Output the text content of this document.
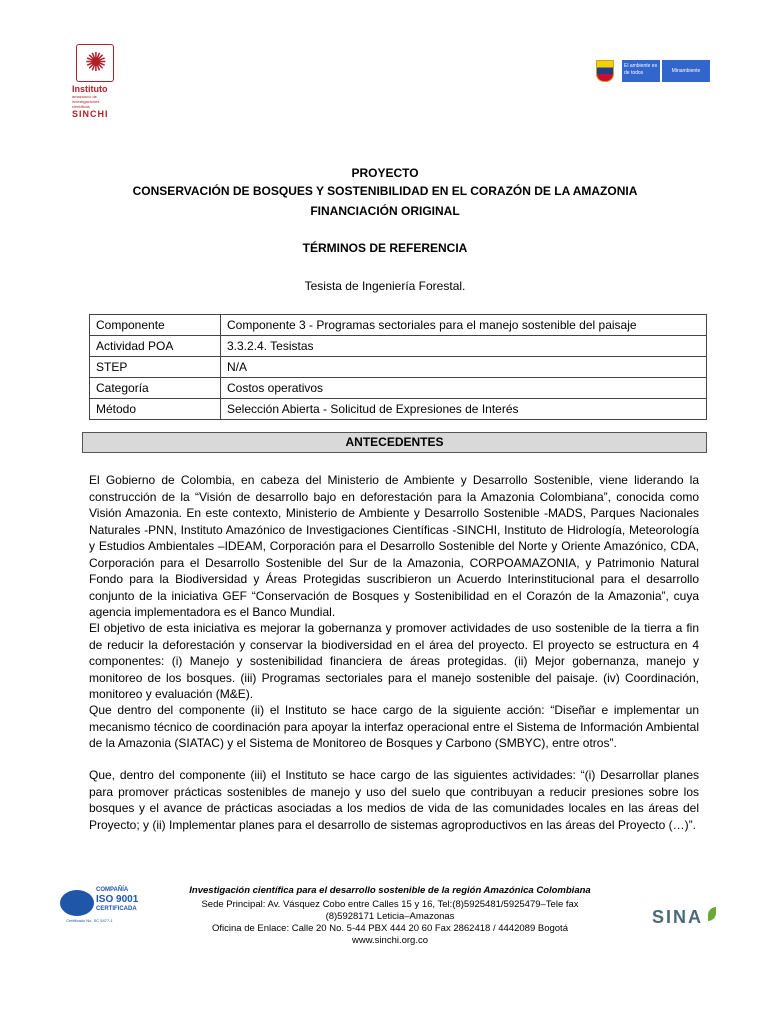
✺
Instituto
amazónico de investigaciones científicas
SINCHI
El ambiente es de todos	Minambiente
PROYECTO
CONSERVACIÓN DE BOSQUES Y SOSTENIBILIDAD EN EL CORAZÓN DE LA AMAZONIA
FINANCIACIÓN ORIGINAL
TÉRMINOS DE REFERENCIA
Tesista de Ingeniería Forestal.
Componente	Componente 3 - Programas sectoriales para el manejo sostenible del paisaje
Actividad POA	3.3.2.4. Tesistas
STEP	N/A
Categoría	Costos operativos
Método	Selección Abierta - Solicitud de Expresiones de Interés
ANTECEDENTES

El Gobierno de Colombia, en cabeza del Ministerio de Ambiente y Desarrollo Sostenible, viene liderando la construcción de la “Visión de desarrollo bajo en deforestación para la Amazonia Colombiana”, conocida como Visión Amazonia. En este contexto, Ministerio de Ambiente y Desarrollo Sostenible -MADS, Parques Nacionales Naturales -PNN, Instituto Amazónico de Investigaciones Científicas -SINCHI, Instituto de Hidrología, Meteorología y Estudios Ambientales –IDEAM, Corporación para el Desarrollo Sostenible del Norte y Oriente Amazónico, CDA, Corporación para el Desarrollo Sostenible del Sur de la Amazonia, CORPOAMAZONIA, y Patrimonio Natural Fondo para la Biodiversidad y Áreas Protegidas suscribieron un Acuerdo Interinstitucional para el desarrollo conjunto de la iniciativa GEF “Conservación de Bosques y Sostenibilidad en el Corazón de la Amazonia”, cuya agencia implementadora es el Banco Mundial.

El objetivo de esta iniciativa es mejorar la gobernanza y promover actividades de uso sostenible de la tierra a fin de reducir la deforestación y conservar la biodiversidad en el área del proyecto. El proyecto se estructura en 4 componentes: (i) Manejo y sostenibilidad financiera de áreas protegidas. (ii) Mejor gobernanza, manejo y monitoreo de los bosques. (iii) Programas sectoriales para el manejo sostenible del paisaje. (iv) Coordinación, monitoreo y evaluación (M&E).

Que dentro del componente (ii) el Instituto se hace cargo de la siguiente acción: “Diseñar e implementar un mecanismo técnico de coordinación para apoyar la interfaz operacional entre el Sistema de Información Ambiental de la Amazonia (SIATAC) y el Sistema de Monitoreo de Bosques y Carbono (SMBYC), entre otros”.

Que, dentro del componente (iii) el Instituto se hace cargo de las siguientes actividades: “(i) Desarrollar planes para promover prácticas sostenibles de manejo y uso del suelo que contribuyan a reducir presiones sobre los bosques y el avance de prácticas asociadas a los medios de vida de las comunidades locales en las áreas del Proyecto; y (ii) Implementar planes para el desarrollo de sistemas agroproductivos en las áreas del Proyecto (…)”.

COMPAÑÍA
ISO 9001
CERTIFICADA
Certificado No. SC 5477-1
Investigación científica para el desarrollo sostenible de la región Amazónica Colombiana
Sede Principal: Av. Vásquez Cobo entre Calles 15 y 16, Tel:(8)5925481/5925479–Tele fax
(8)5928171 Leticia–Amazonas
Oficina de Enlace: Calle 20 No. 5-44 PBX 444 20 60 Fax 2862418 / 4442089 Bogotá
www.sinchi.org.co
SINA
